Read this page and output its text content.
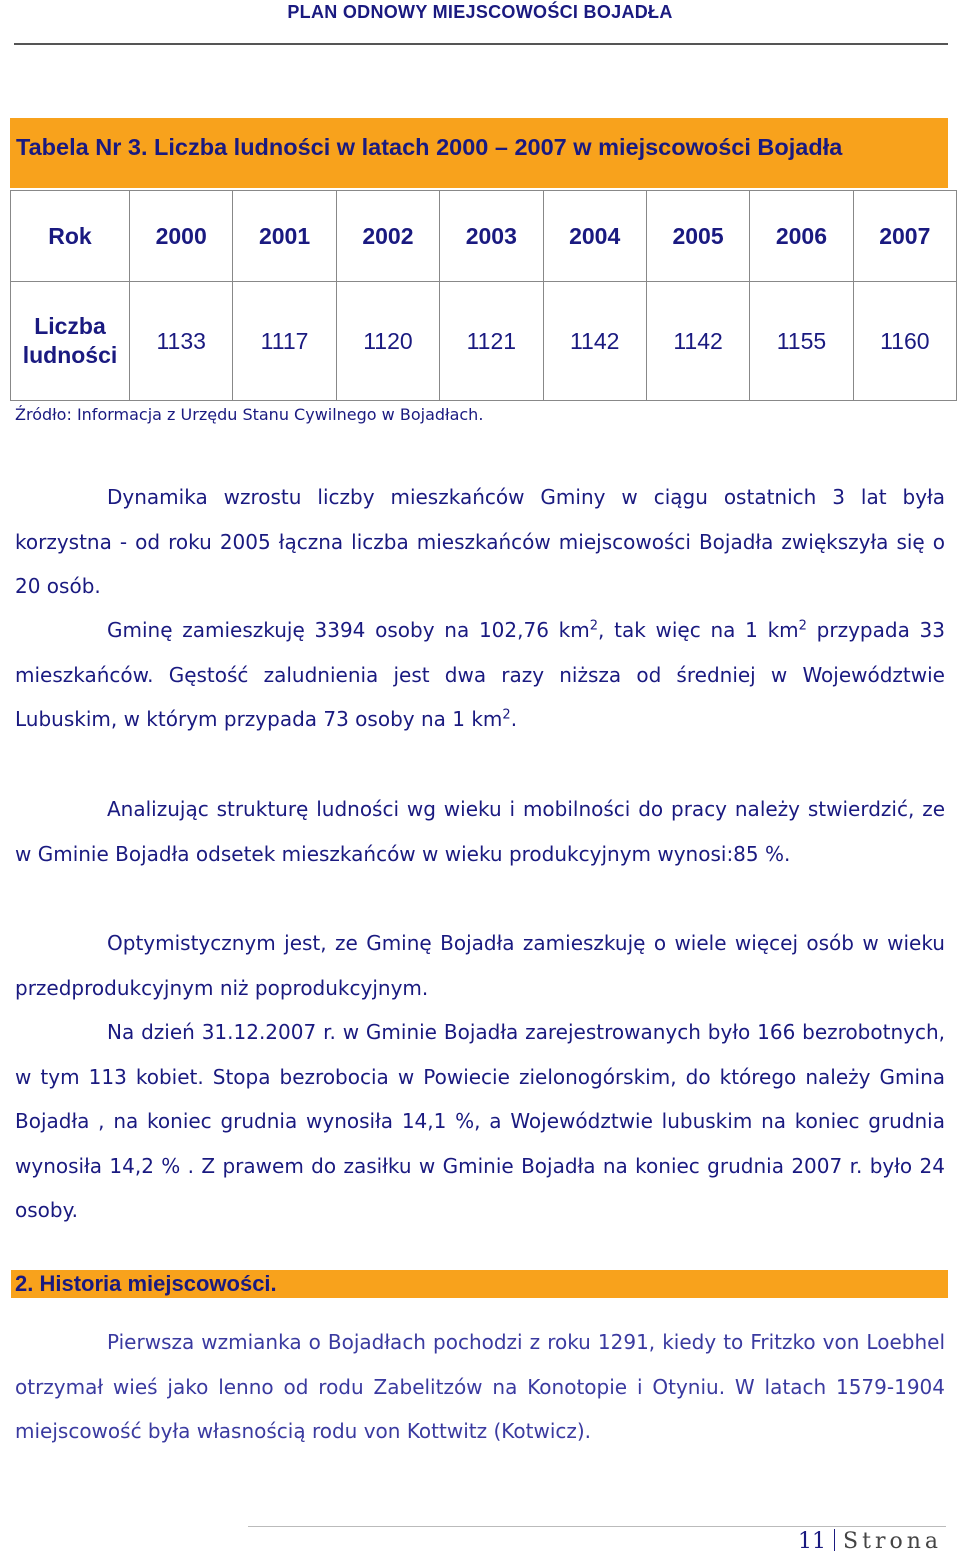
PLAN ODNOWY MIEJSCOWOŚCI BOJADŁA
Tabela Nr 3. Liczba ludności w latach 2000 – 2007 w miejscowości Bojadła
Rok	2000	2001	2002	2003	2004	2005	2006	2007
Liczba
ludności	1133	1117	1120	1121	1142	1142	1155	1160
Źródło: Informacja z Urzędu Stanu Cywilnego w Bojadłach.

Dynamika wzrostu liczby mieszkańców Gminy w ciągu ostatnich 3 lat była korzystna - od roku 2005 łączna liczba mieszkańców miejscowości Bojadła zwiększyła się o 20 osób.

Gminę zamieszkuję 3394 osoby na 102,76 $km^2$, tak więc na 1 $km^2$ przypada 33 mieszkańców. Gęstość zaludnienia jest dwa razy niższa od średniej w Województwie Lubuskim, w którym przypada 73 osoby na 1 $km^2$.

Analizując strukturę ludności wg wieku i mobilności do pracy należy stwierdzić, ze w Gminie Bojadła odsetek mieszkańców w wieku produkcyjnym wynosi:85 %.

Optymistycznym jest, ze Gminę Bojadła zamieszkuję o wiele więcej osób w wieku przedprodukcyjnym niż poprodukcyjnym.

Na dzień 31.12.2007 r. w Gminie Bojadła zarejestrowanych było 166 bezrobotnych, w tym 113 kobiet. Stopa bezrobocia w Powiecie zielonogórskim, do którego należy Gmina Bojadła , na koniec grudnia wynosiła 14,1 %, a Województwie lubuskim na koniec grudnia wynosiła 14,2 % . Z prawem do zasiłku w Gminie Bojadła na koniec grudnia 2007 r. było 24 osoby.

2. Historia miejscowości.

Pierwsza wzmianka o Bojadłach pochodzi z roku 1291, kiedy to Fritzko von Loebhel otrzymał wieś jako lenno od rodu Zabelitzów na Konotopie i Otyniu. W latach 1579-1904 miejscowość była własnością rodu von Kottwitz (Kotwicz).

11 Strona
